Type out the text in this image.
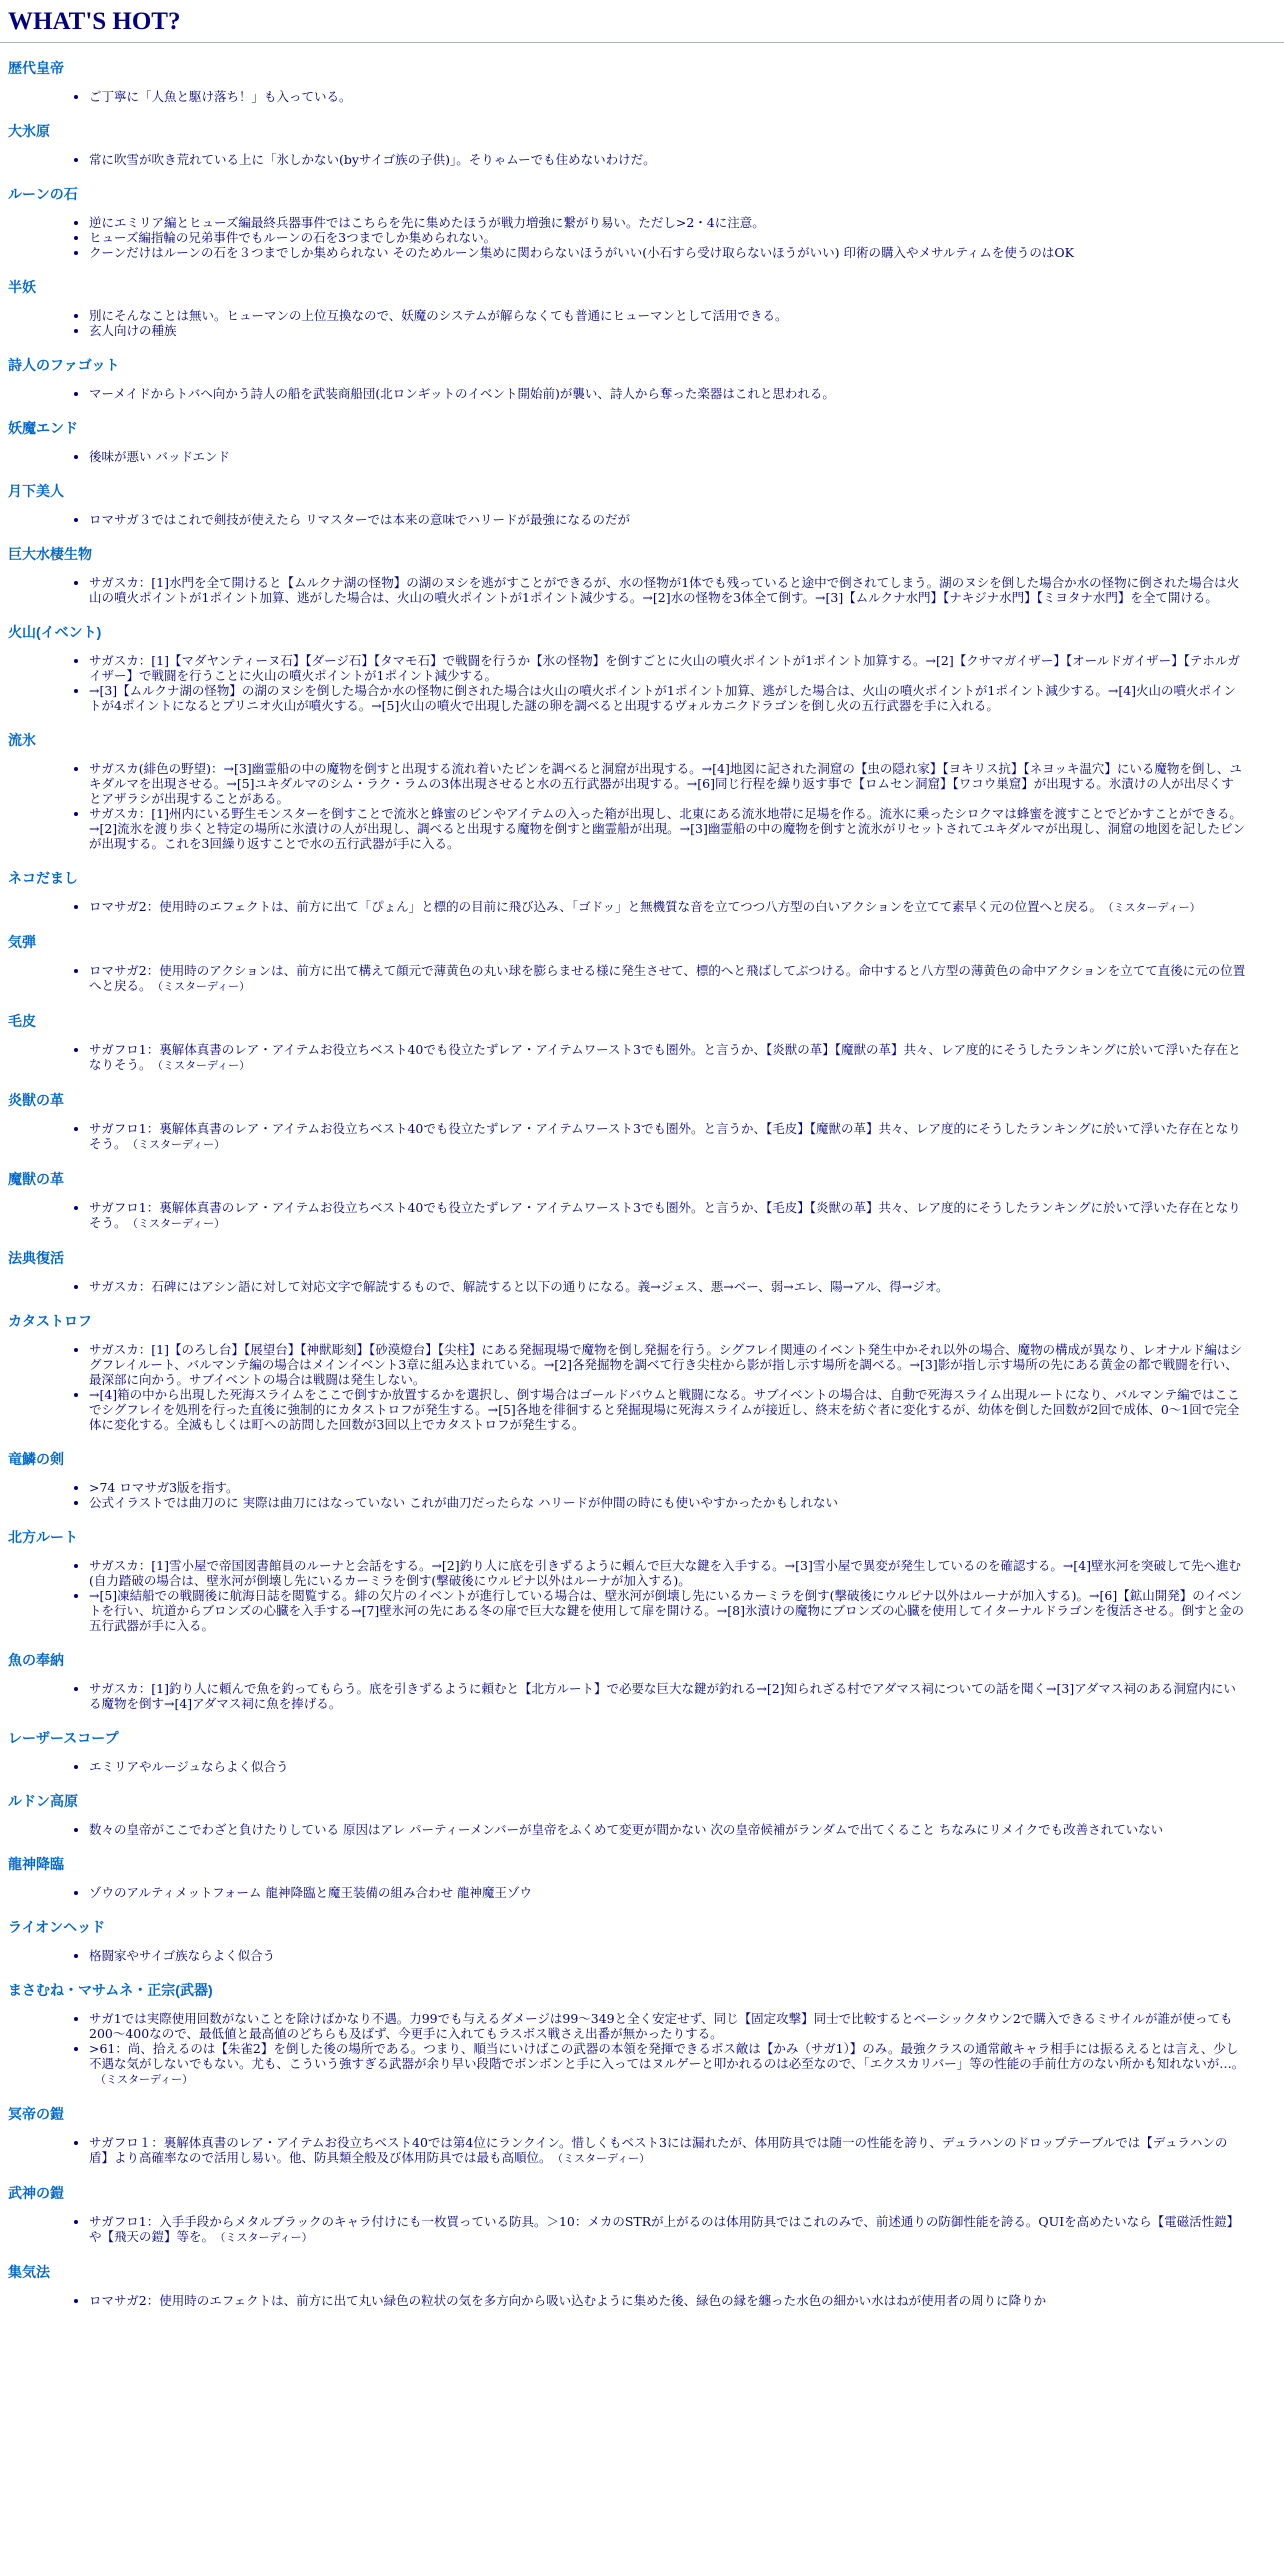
WHAT'S HOT?
歴代皇帝
• ご丁寧に「人魚と駆け落ち！」も入っている。
大氷原
• 常に吹雪が吹き荒れている上に「氷しかない(byサイゴ族の子供)」。そりゃムーでも住めないわけだ。
ルーンの石
• 逆にエミリア編とヒューズ編最終兵器事件ではこちらを先に集めたほうが戦力増強に繋がり易い。ただし>2・4に注意。
• ヒューズ編指輪の兄弟事件でもルーンの石を3つまでしか集められない。
• クーンだけはルーンの石を３つまでしか集められない そのためルーン集めに関わらないほうがいい(小石すら受け取らないほうがいい) 印術の購入やメサルティムを使うのはOK
半妖
• 別にそんなことは無い。ヒューマンの上位互換なので、妖魔のシステムが解らなくても普通にヒューマンとして活用できる。
• 玄人向けの種族
詩人のファゴット
• マーメイドからトバへ向かう詩人の船を武装商船団(北ロンギットのイベント開始前)が襲い、詩人から奪った楽器はこれと思われる。
妖魔エンド
• 後味が悪い バッドエンド
月下美人
• ロマサガ３ではこれで剣技が使えたら リマスターでは本来の意味でハリードが最強になるのだが
巨大水棲生物
• サガスカ：[1]水門を全て開けると【ムルクナ湖の怪物】の湖のヌシを逃がすことができるが、水の怪物が1体でも残っていると途中で倒されてしまう。湖のヌシを倒した場合か水の怪物に倒された場合は火山の噴火ポイントが1ポイント加算、逃がした場合は、火山の噴火ポイントが1ポイント減少する。→[2]水の怪物を3体全て倒す。→[3]【ムルクナ水門】【ナキジナ水門】【ミヨタナ水門】を全て開ける。
火山(イベント)
• サガスカ：[1]【マダヤンティーヌ石】【ダージ石】【タマモ石】で戦闘を行うか【氷の怪物】を倒すごとに火山の噴火ポイントが1ポイント加算する。→[2]【クサマガイザー】【オールドガイザー】【テホルガイザー】で戦闘を行うことに火山の噴火ポイントが1ポイント減少する。
• →[3]【ムルクナ湖の怪物】の湖のヌシを倒した場合か水の怪物に倒された場合は火山の噴火ポイントが1ポイント加算、逃がした場合は、火山の噴火ポイントが1ポイント減少する。→[4]火山の噴火ポイントが4ポイントになるとプリニオ火山が噴火する。→[5]火山の噴火で出現した謎の卵を調べると出現するヴォルカニクドラゴンを倒し火の五行武器を手に入れる。
流氷
• サガスカ(緋色の野望)：→[3]幽霊船の中の魔物を倒すと出現する流れ着いたビンを調べると洞窟が出現する。→[4]地図に記された洞窟の【虫の隠れ家】【ヨキリス抗】【ネヨッキ温穴】にいる魔物を倒し、ユキダルマを出現させる。→[5]ユキダルマのシム・ラク・ラムの3体出現させると水の五行武器が出現する。→[6]同じ行程を繰り返す事で【ロムセン洞窟】【ワコウ巣窟】が出現する。氷漬けの人が出尽くすとアザラシが出現することがある。
• サガスカ：[1]州内にいる野生モンスターを倒すことで流氷と蜂蜜のビンやアイテムの入った箱が出現し、北東にある流氷地帯に足場を作る。流氷に乗ったシロクマは蜂蜜を渡すことでどかすことができる。→[2]流氷を渡り歩くと特定の場所に氷漬けの人が出現し、調べると出現する魔物を倒すと幽霊船が出現。→[3]幽霊船の中の魔物を倒すと流氷がリセットされてユキダルマが出現し、洞窟の地図を記したビンが出現する。これを3回繰り返すことで水の五行武器が手に入る。
ネコだまし
• ロマサガ2：使用時のエフェクトは、前方に出て「ぴょん」と標的の目前に飛び込み、「ゴドッ」と無機質な音を立てつつ八方型の白いアクションを立てて素早く元の位置へと戻る。 （ミスターディー）
気弾
• ロマサガ2：使用時のアクションは、前方に出て構えて顔元で薄黄色の丸い球を膨らませる様に発生させて、標的へと飛ばしてぶつける。命中すると八方型の薄黄色の命中アクションを立てて直後に元の位置へと戻る。 （ミスターディー）
毛皮
• サガフロ1：裏解体真書のレア・アイテムお役立ちベスト40でも役立たずレア・アイテムワースト3でも圏外。と言うか、【炎獣の革】【魔獣の革】共々、レア度的にそうしたランキングに於いて浮いた存在となりそう。 （ミスターディー）
炎獣の革
• サガフロ1：裏解体真書のレア・アイテムお役立ちベスト40でも役立たずレア・アイテムワースト3でも圏外。と言うか、【毛皮】【魔獣の革】共々、レア度的にそうしたランキングに於いて浮いた存在となりそう。 （ミスターディー）
魔獣の革
• サガフロ1：裏解体真書のレア・アイテムお役立ちベスト40でも役立たずレア・アイテムワースト3でも圏外。と言うか、【毛皮】【炎獣の革】共々、レア度的にそうしたランキングに於いて浮いた存在となりそう。 （ミスターディー）
法典復活
• サガスカ：石碑にはアシン語に対して対応文字で解読するもので、解読すると以下の通りになる。義→ジェス、悪→ベー、弱→エレ、陽→アル、得→ジオ。
カタストロフ
• サガスカ：[1]【のろし台】【展望台】【神獣彫刻】【砂漠燈台】【尖柱】にある発掘現場で魔物を倒し発掘を行う。シグフレイ関連のイベント発生中かそれ以外の場合、魔物の構成が異なり、レオナルド編はシグフレイルート、バルマンテ編の場合はメインイベント3章に組み込まれている。→[2]各発掘物を調べて行き尖柱から影が指し示す場所を調べる。→[3]影が指し示す場所の先にある黄金の都で戦闘を行い、最深部に向かう。サブイベントの場合は戦闘は発生しない。
• →[4]箱の中から出現した死海スライムをここで倒すか放置するかを選択し、倒す場合はゴールドバウムと戦闘になる。サブイベントの場合は、自動で死海スライム出現ルートになり、バルマンテ編ではここでシグフレイを処刑を行った直後に強制的にカタストロフが発生する。→[5]各地を徘徊すると発掘現場に死海スライムが接近し、終末を紡ぐ者に変化するが、幼体を倒した回数が2回で成体、0～1回で完全体に変化する。全滅もしくは町への訪問した回数が3回以上でカタストロフが発生する。
竜鱗の剣
• >74 ロマサガ3版を指す。
• 公式イラストでは曲刀のに 実際は曲刀にはなっていない これが曲刀だったらな ハリードが仲間の時にも使いやすかったかもしれない
北方ルート
• サガスカ：[1]雪小屋で帝国図書館員のルーナと会話をする。→[2]釣り人に底を引きずるように頼んで巨大な鍵を入手する。→[3]雪小屋で異変が発生しているのを確認する。→[4]壁氷河を突破して先へ進む(自力踏破の場合は、壁氷河が倒壊し先にいるカーミラを倒す(撃破後にウルピナ以外はルーナが加入する)。
• →[5]凍結船での戦闘後に航海日誌を閲覧する。緋の欠片のイベントが進行している場合は、壁氷河が倒壊し先にいるカーミラを倒す(撃破後にウルピナ以外はルーナが加入する)。→[6]【鉱山開発】のイベントを行い、坑道からブロンズの心臓を入手する→[7]壁氷河の先にある冬の扉で巨大な鍵を使用して扉を開ける。→[8]氷漬けの魔物にブロンズの心臓を使用してイターナルドラゴンを復活させる。倒すと金の五行武器が手に入る。
魚の奉納
• サガスカ：[1]釣り人に頼んで魚を釣ってもらう。底を引きずるように頼むと【北方ルート】で必要な巨大な鍵が釣れる→[2]知られざる村でアダマス祠についての話を聞く→[3]アダマス祠のある洞窟内にいる魔物を倒す→[4]アダマス祠に魚を捧げる。
レーザースコープ
• エミリアやルージュならよく似合う
ルドン高原
• 数々の皇帝がここでわざと負けたりしている 原因はアレ パーティーメンバーが皇帝をふくめて変更が間かない 次の皇帝候補がランダムで出てくること ちなみにリメイクでも改善されていない
龍神降臨
• ゾウのアルティメットフォーム 龍神降臨と魔王装備の組み合わせ 龍神魔王ゾウ
ライオンヘッド
• 格闘家やサイゴ族ならよく似合う
まさむね・マサムネ・正宗(武器)
• サガ1では実際使用回数がないことを除けばかなり不遇。力99でも与えるダメージは99～349と全く安定せず、同じ【固定攻撃】同士で比較するとベーシックタウン2で購入できるミサイルが誰が使っても200～400なので、最低値と最高値のどちらも及ばず、今更手に入れてもラスボス戦さえ出番が無かったりする。
• >61：尚、拾えるのは【朱雀2】を倒した後の場所である。つまり、順当にいけばこの武器の本領を発揮できるボス敵は【かみ（サガ1）】のみ。最強クラスの通常敵キャラ相手には振るえるとは言え、少し不遇な気がしないでもない。尤も、こういう強すぎる武器が余り早い段階でボンボンと手に入ってはヌルゲーと叩かれるのは必至なので、「エクスカリバー」等の性能の手前仕方のない所かも知れないが…。（ミスターディー）
冥帝の鎧
• サガフロ１：裏解体真書のレア・アイテムお役立ちベスト40では第4位にランクイン。惜しくもベスト3には漏れたが、体用防具では随一の性能を誇り、デュラハンのドロップテーブルでは【デュラハンの盾】より高確率なので活用し易い。他、防具類全般及び体用防具では最も高順位。 （ミスターディー）
武神の鎧
• サガフロ1：入手手段からメタルブラックのキャラ付けにも一枚買っている防具。＞10：メカのSTRが上がるのは体用防具ではこれのみで、前述通りの防御性能を誇る。QUIを高めたいなら【電磁活性鎧】や【飛天の鎧】等を。 （ミスターディー）
集気法
• ロマサガ2：使用時のエフェクトは、前方に出て丸い緑色の粒状の気を多方向から吸い込むように集めた後、緑色の縁を纏った水色の細かい水はねが使用者の周りに降りか
